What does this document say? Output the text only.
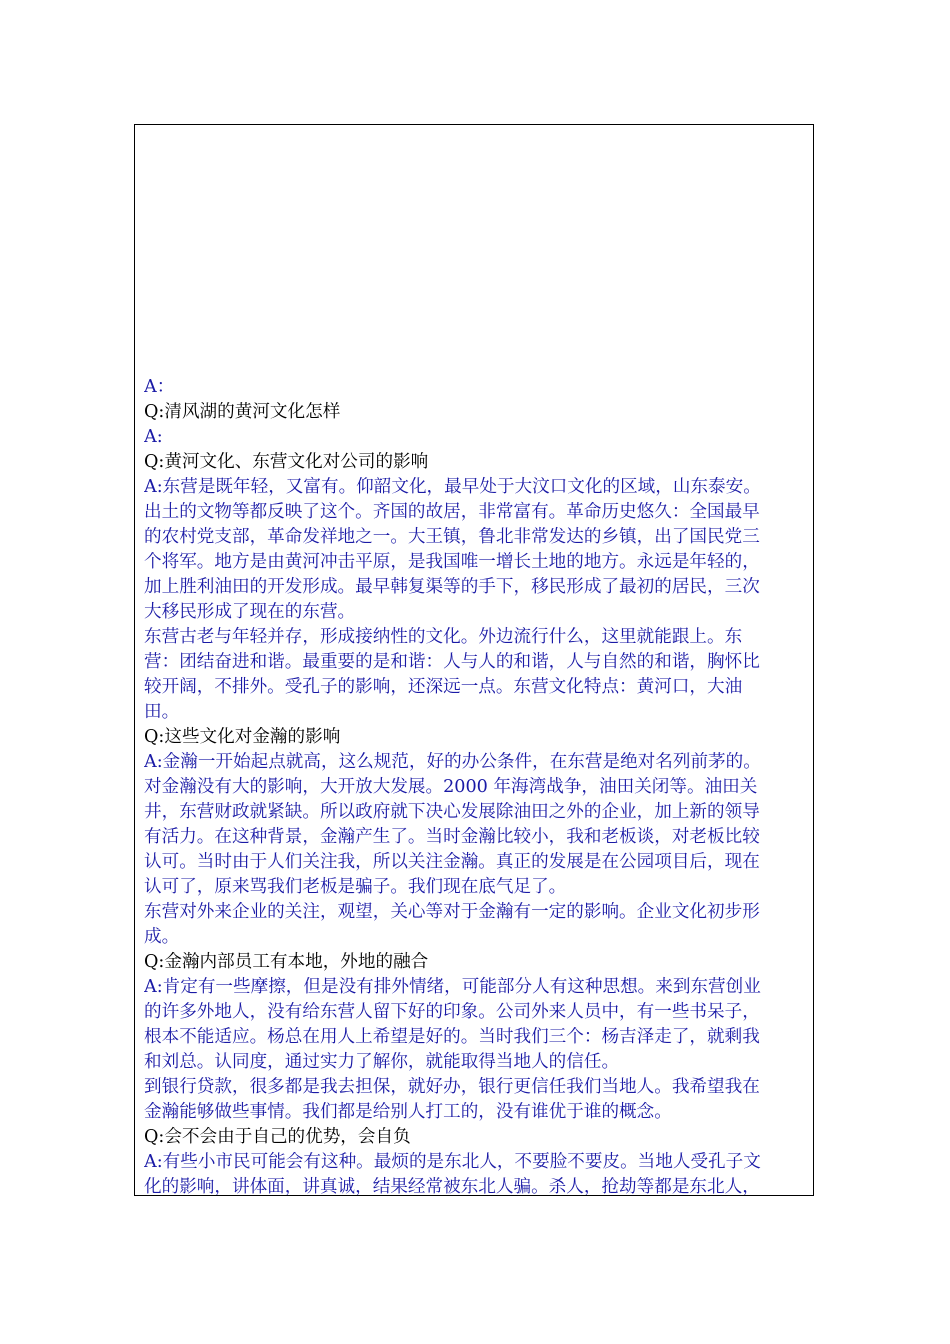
A：
Q:清风湖的黄河文化怎样
A:
Q:黄河文化、东营文化对公司的影响
A:东营是既年轻，又富有。仰韶文化，最早处于大汶口文化的区域，山东泰安。
出土的文物等都反映了这个。齐国的故居，非常富有。革命历史悠久：全国最早
的农村党支部，革命发祥地之一。大王镇，鲁北非常发达的乡镇，出了国民党三
个将军。地方是由黄河冲击平原，是我国唯一增长土地的地方。永远是年轻的，
加上胜利油田的开发形成。最早韩复渠等的手下，移民形成了最初的居民，三次
大移民形成了现在的东营。
东营古老与年轻并存，形成接纳性的文化。外边流行什么，这里就能跟上。东
营：团结奋进和谐。最重要的是和谐：人与人的和谐，人与自然的和谐，胸怀比
较开阔，不排外。受孔子的影响，还深远一点。东营文化特点：黄河口，大油
田。
Q:这些文化对金瀚的影响
A:金瀚一开始起点就高，这么规范，好的办公条件，在东营是绝对名列前茅的。
对金瀚没有大的影响，大开放大发展。2000 年海湾战争，油田关闭等。油田关
井，东营财政就紧缺。所以政府就下决心发展除油田之外的企业，加上新的领导
有活力。在这种背景，金瀚产生了。当时金瀚比较小，我和老板谈，对老板比较
认可。当时由于人们关注我，所以关注金瀚。真正的发展是在公园项目后，现在
认可了，原来骂我们老板是骗子。我们现在底气足了。
东营对外来企业的关注，观望，关心等对于金瀚有一定的影响。企业文化初步形
成。
Q:金瀚内部员工有本地，外地的融合
A:肯定有一些摩擦，但是没有排外情绪，可能部分人有这种思想。来到东营创业
的许多外地人，没有给东营人留下好的印象。公司外来人员中，有一些书呆子，
根本不能适应。杨总在用人上希望是好的。当时我们三个：杨吉泽走了，就剩我
和刘总。认同度，通过实力了解你，就能取得当地人的信任。
到银行贷款，很多都是我去担保，就好办，银行更信任我们当地人。我希望我在
金瀚能够做些事情。我们都是给别人打工的，没有谁优于谁的概念。
Q:会不会由于自己的优势，会自负
A:有些小市民可能会有这种。最烦的是东北人，不要脸不要皮。当地人受孔子文
化的影响，讲体面，讲真诚，结果经常被东北人骗。杀人，抢劫等都是东北人，
